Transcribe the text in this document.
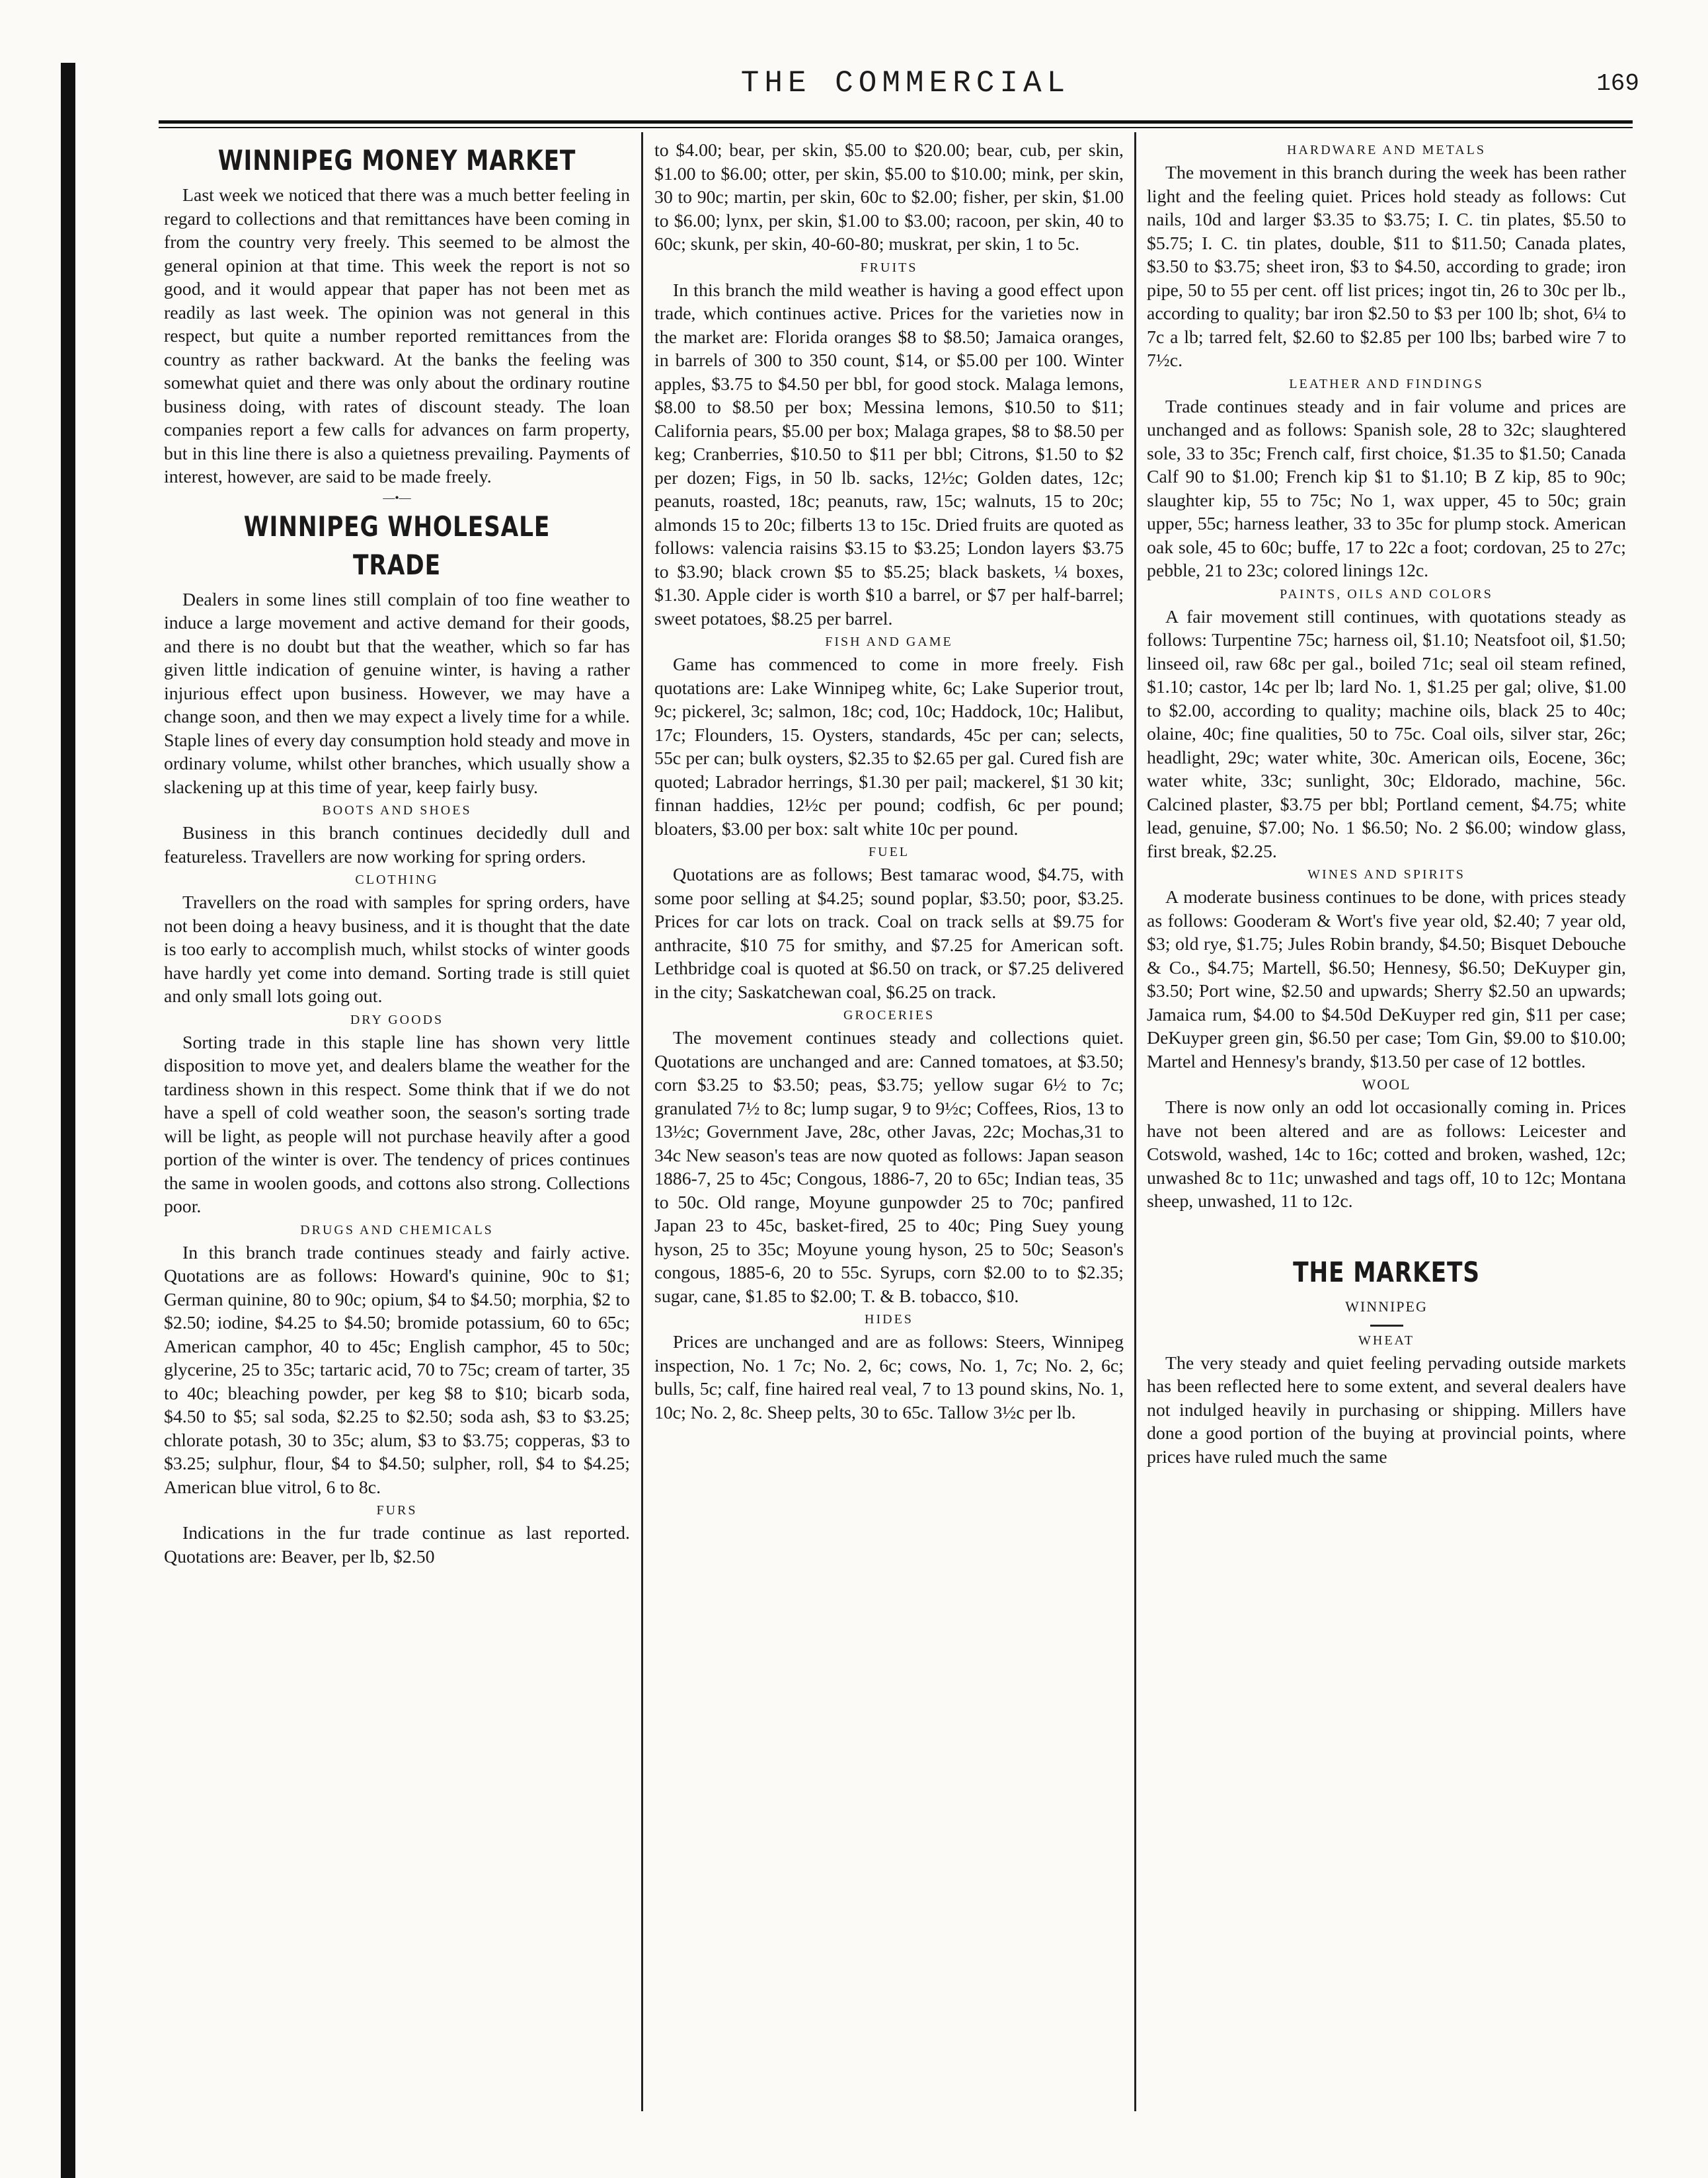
THE COMMERCIAL	169
WINNIPEG MONEY MARKET

Last week we noticed that there was a much better feeling in regard to collections and that remittances have been coming in from the country very freely. This seemed to be almost the general opinion at that time. This week the report is not so good, and it would appear that paper has not been met as readily as last week. The opinion was not general in this respect, but quite a number reported remittances from the country as rather backward. At the banks the feeling was somewhat quiet and there was only about the ordinary routine business doing, with rates of discount steady. The loan companies report a few calls for advances on farm property, but in this line there is also a quietness prevailing. Payments of interest, however, are said to be made freely.

—•—
WINNIPEG WHOLESALE TRADE

Dealers in some lines still complain of too fine weather to induce a large movement and active demand for their goods, and there is no doubt but that the weather, which so far has given little indication of genuine winter, is having a rather injurious effect upon business. However, we may have a change soon, and then we may expect a lively time for a while. Staple lines of every day consumption hold steady and move in ordinary volume, whilst other branches, which usually show a slackening up at this time of year, keep fairly busy.

BOOTS AND SHOES

Business in this branch continues decidedly dull and featureless. Travellers are now working for spring orders.

CLOTHING

Travellers on the road with samples for spring orders, have not been doing a heavy business, and it is thought that the date is too early to accomplish much, whilst stocks of winter goods have hardly yet come into demand. Sorting trade is still quiet and only small lots going out.

DRY GOODS

Sorting trade in this staple line has shown very little disposition to move yet, and dealers blame the weather for the tardiness shown in this respect. Some think that if we do not have a spell of cold weather soon, the season's sorting trade will be light, as people will not purchase heavily after a good portion of the winter is over. The tendency of prices continues the same in woolen goods, and cottons also strong. Collections poor.

DRUGS AND CHEMICALS

In this branch trade continues steady and fairly active. Quotations are as follows: Howard's quinine, 90c to $1; German quinine, 80 to 90c; opium, $4 to $4.50; morphia, $2 to $2.50; iodine, $4.25 to $4.50; bromide potassium, 60 to 65c; American camphor, 40 to 45c; English camphor, 45 to 50c; glycerine, 25 to 35c; tartaric acid, 70 to 75c; cream of tarter, 35 to 40c; bleaching powder, per keg $8 to $10; bicarb soda, $4.50 to $5; sal soda, $2.25 to $2.50; soda ash, $3 to $3.25; chlorate potash, 30 to 35c; alum, $3 to $3.75; copperas, $3 to $3.25; sulphur, flour, $4 to $4.50; sulpher, roll, $4 to $4.25; American blue vitrol, 6 to 8c.

FURS

Indications in the fur trade continue as last reported. Quotations are: Beaver, per lb, $2.50

to $4.00; bear, per skin, $5.00 to $20.00; bear, cub, per skin, $1.00 to $6.00; otter, per skin, $5.00 to $10.00; mink, per skin, 30 to 90c; martin, per skin, 60c to $2.00; fisher, per skin, $1.00 to $6.00; lynx, per skin, $1.00 to $3.00; racoon, per skin, 40 to 60c; skunk, per skin, 40-60-80; muskrat, per skin, 1 to 5c.

FRUITS

In this branch the mild weather is having a good effect upon trade, which continues active. Prices for the varieties now in the market are: Florida oranges $8 to $8.50; Jamaica oranges, in barrels of 300 to 350 count, $14, or $5.00 per 100. Winter apples, $3.75 to $4.50 per bbl, for good stock. Malaga lemons, $8.00 to $8.50 per box; Messina lemons, $10.50 to $11; California pears, $5.00 per box; Malaga grapes, $8 to $8.50 per keg; Cranberries, $10.50 to $11 per bbl; Citrons, $1.50 to $2 per dozen; Figs, in 50 lb. sacks, 12½c; Golden dates, 12c; peanuts, roasted, 18c; peanuts, raw, 15c; walnuts, 15 to 20c; almonds 15 to 20c; filberts 13 to 15c. Dried fruits are quoted as follows: valencia raisins $3.15 to $3.25; London layers $3.75 to $3.90; black crown $5 to $5.25; black baskets, ¼ boxes, $1.30. Apple cider is worth $10 a barrel, or $7 per half-barrel; sweet potatoes, $8.25 per barrel.

FISH AND GAME

Game has commenced to come in more freely. Fish quotations are: Lake Winnipeg white, 6c; Lake Superior trout, 9c; pickerel, 3c; salmon, 18c; cod, 10c; Haddock, 10c; Halibut, 17c; Flounders, 15. Oysters, standards, 45c per can; selects, 55c per can; bulk oysters, $2.35 to $2.65 per gal. Cured fish are quoted; Labrador herrings, $1.30 per pail; mackerel, $1 30 kit; finnan haddies, 12½c per pound; codfish, 6c per pound; bloaters, $3.00 per box: salt white 10c per pound.

FUEL

Quotations are as follows; Best tamarac wood, $4.75, with some poor selling at $4.25; sound poplar, $3.50; poor, $3.25. Prices for car lots on track. Coal on track sells at $9.75 for anthracite, $10 75 for smithy, and $7.25 for American soft. Lethbridge coal is quoted at $6.50 on track, or $7.25 delivered in the city; Saskatchewan coal, $6.25 on track.

GROCERIES

The movement continues steady and collections quiet. Quotations are unchanged and are: Canned tomatoes, at $3.50; corn $3.25 to $3.50; peas, $3.75; yellow sugar 6½ to 7c; granulated 7½ to 8c; lump sugar, 9 to 9½c; Coffees, Rios, 13 to 13½c; Government Jave, 28c, other Javas, 22c; Mochas,31 to 34c New season's teas are now quoted as follows: Japan season 1886-7, 25 to 45c; Congous, 1886-7, 20 to 65c; Indian teas, 35 to 50c. Old range, Moyune gunpowder 25 to 70c; panfired Japan 23 to 45c, basket-fired, 25 to 40c; Ping Suey young hyson, 25 to 35c; Moyune young hyson, 25 to 50c; Season's congous, 1885-6, 20 to 55c. Syrups, corn $2.00 to to $2.35; sugar, cane, $1.85 to $2.00; T. & B. tobacco, $10.

HIDES

Prices are unchanged and are as follows: Steers, Winnipeg inspection, No. 1 7c; No. 2, 6c; cows, No. 1, 7c; No. 2, 6c; bulls, 5c; calf, fine haired real veal, 7 to 13 pound skins, No. 1, 10c; No. 2, 8c. Sheep pelts, 30 to 65c. Tallow 3½c per lb.

HARDWARE AND METALS

The movement in this branch during the week has been rather light and the feeling quiet. Prices hold steady as follows: Cut nails, 10d and larger $3.35 to $3.75; I. C. tin plates, $5.50 to $5.75; I. C. tin plates, double, $11 to $11.50; Canada plates, $3.50 to $3.75; sheet iron, $3 to $4.50, according to grade; iron pipe, 50 to 55 per cent. off list prices; ingot tin, 26 to 30c per lb., according to quality; bar iron $2.50 to $3 per 100 lb; shot, 6¼ to 7c a lb; tarred felt, $2.60 to $2.85 per 100 lbs; barbed wire 7 to 7½c.

LEATHER AND FINDINGS

Trade continues steady and in fair volume and prices are unchanged and as follows: Spanish sole, 28 to 32c; slaughtered sole, 33 to 35c; French calf, first choice, $1.35 to $1.50; Canada Calf 90 to $1.00; French kip $1 to $1.10; B Z kip, 85 to 90c; slaughter kip, 55 to 75c; No 1, wax upper, 45 to 50c; grain upper, 55c; harness leather, 33 to 35c for plump stock. American oak sole, 45 to 60c; buffe, 17 to 22c a foot; cordovan, 25 to 27c; pebble, 21 to 23c; colored linings 12c.

PAINTS, OILS AND COLORS

A fair movement still continues, with quotations steady as follows: Turpentine 75c; harness oil, $1.10; Neatsfoot oil, $1.50; linseed oil, raw 68c per gal., boiled 71c; seal oil steam refined, $1.10; castor, 14c per lb; lard No. 1, $1.25 per gal; olive, $1.00 to $2.00, according to quality; machine oils, black 25 to 40c; olaine, 40c; fine qualities, 50 to 75c. Coal oils, silver star, 26c; headlight, 29c; water white, 30c. American oils, Eocene, 36c; water white, 33c; sunlight, 30c; Eldorado, machine, 56c. Calcined plaster, $3.75 per bbl; Portland cement, $4.75; white lead, genuine, $7.00; No. 1 $6.50; No. 2 $6.00; window glass, first break, $2.25.

WINES AND SPIRITS

A moderate business continues to be done, with prices steady as follows: Gooderam & Wort's five year old, $2.40; 7 year old, $3; old rye, $1.75; Jules Robin brandy, $4.50; Bisquet Debouche & Co., $4.75; Martell, $6.50; Hennesy, $6.50; DeKuyper gin, $3.50; Port wine, $2.50 and upwards; Sherry $2.50 an upwards; Jamaica rum, $4.00 to $4.50d DeKuyper red gin, $11 per case; DeKuyper green gin, $6.50 per case; Tom Gin, $9.00 to $10.00; Martel and Hennesy's brandy, $13.50 per case of 12 bottles.

WOOL

There is now only an odd lot occasionally coming in. Prices have not been altered and are as follows: Leicester and Cotswold, washed, 14c to 16c; cotted and broken, washed, 12c; unwashed 8c to 11c; unwashed and tags off, 10 to 12c; Montana sheep, unwashed, 11 to 12c.

THE MARKETS
WINNIPEG
WHEAT

The very steady and quiet feeling pervading outside markets has been reflected here to some extent, and several dealers have not indulged heavily in purchasing or shipping. Millers have done a good portion of the buying at provincial points, where prices have ruled much the same
